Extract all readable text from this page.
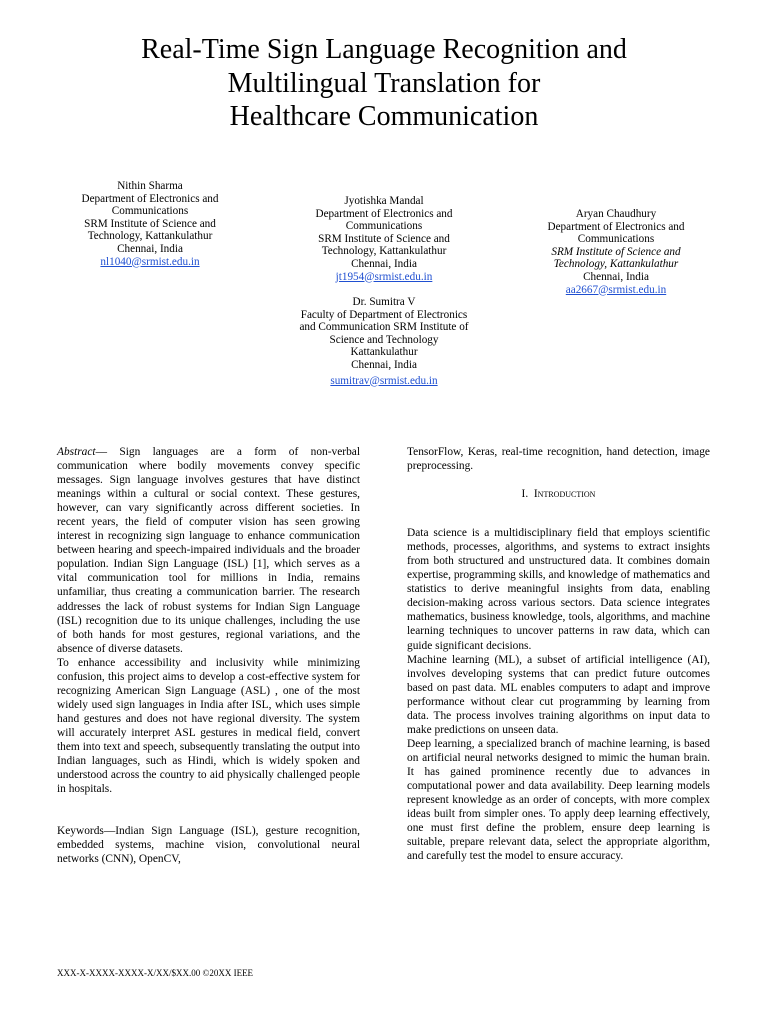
Real-Time Sign Language Recognition and
Multilingual Translation for
Healthcare Communication
Nithin Sharma
Department of Electronics and
Communications
SRM Institute of Science and
Technology, Kattankulathur
Chennai, India
nl1040@srmist.edu.in
Jyotishka Mandal
Department of Electronics and
Communications
SRM Institute of Science and
Technology, Kattankulathur
Chennai, India
jt1954@srmist.edu.in
Aryan Chaudhury
Department of Electronics and
Communications
SRM Institute of Science and
Technology, Kattankulathur
Chennai, India
aa2667@srmist.edu.in
Dr. Sumitra V
Faculty of Department of Electronics
and Communication SRM Institute of
Science and Technology
Kattankulathur
Chennai, India
sumitrav@srmist.edu.in

Abstract— Sign languages are a form of non-verbal communication where bodily movements convey specific messages. Sign language involves gestures that have distinct meanings within a cultural or social context. These gestures, however, can vary significantly across different societies. In recent years, the field of computer vision has seen growing interest in recognizing sign language to enhance communication between hearing and speech-impaired individuals and the broader population. Indian Sign Language (ISL) [1], which serves as a vital communication tool for millions in India, remains unfamiliar, thus creating a communication barrier. The research addresses the lack of robust systems for Indian Sign Language (ISL) recognition due to its unique challenges, including the use of both hands for most gestures, regional variations, and the absence of diverse datasets.

To enhance accessibility and inclusivity while minimizing confusion, this project aims to develop a cost-effective system for recognizing American Sign Language (ASL) , one of the most widely used sign languages in India after ISL, which uses simple hand gestures and does not have regional diversity. The system will accurately interpret ASL gestures in medical field, convert them into text and speech, subsequently translating the output into Indian languages, such as Hindi, which is widely spoken and understood across the country to aid physically challenged people in hospitals.

Keywords—Indian Sign Language (ISL), gesture recognition, embedded systems, machine vision, convolutional neural networks (CNN), OpenCV,

TensorFlow, Keras, real-time recognition, hand detection, image preprocessing.

I. Introduction

Data science is a multidisciplinary field that employs scientific methods, processes, algorithms, and systems to extract insights from both structured and unstructured data. It combines domain expertise, programming skills, and knowledge of mathematics and statistics to derive meaningful insights from data, enabling decision-making across various sectors. Data science integrates mathematics, business knowledge, tools, algorithms, and machine learning techniques to uncover patterns in raw data, which can guide significant decisions.

Machine learning (ML), a subset of artificial intelligence (AI), involves developing systems that can predict future outcomes based on past data. ML enables computers to adapt and improve performance without clear cut programming by learning from data. The process involves training algorithms on input data to make predictions on unseen data.

Deep learning, a specialized branch of machine learning, is based on artificial neural networks designed to mimic the human brain. It has gained prominence recently due to advances in computational power and data availability. Deep learning models represent knowledge as an order of concepts, with more complex ideas built from simpler ones. To apply deep learning effectively, one must first define the problem, ensure deep learning is suitable, prepare relevant data, select the appropriate algorithm, and carefully test the model to ensure accuracy.

XXX-X-XXXX-XXXX-X/XX/$XX.00 ©20XX IEEE
